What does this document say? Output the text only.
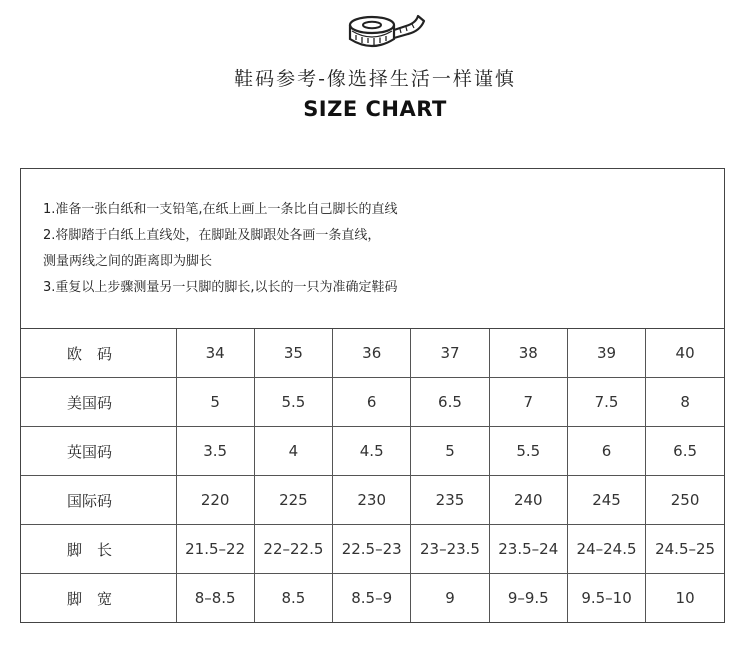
鞋码参考-像选择生活一样谨慎
SIZE CHART
1.准备一张白纸和一支铅笔,在纸上画上一条比自己脚长的直线
2.将脚踏于白纸上直线处，在脚趾及脚跟处各画一条直线，
测量两线之间的距离即为脚长
3.重复以上步骤测量另一只脚的脚长,以长的一只为准确定鞋码
欧　码	34	35	36	37	38	39	40
美国码	5	5.5	6	6.5	7	7.5	8
英国码	3.5	4	4.5	5	5.5	6	6.5
国际码	220	225	230	235	240	245	250
脚　长	21.5–22	22–22.5	22.5–23	23–23.5	23.5–24	24–24.5	24.5–25
脚　宽	8–8.5	8.5	8.5–9	9	9–9.5	9.5–10	10
